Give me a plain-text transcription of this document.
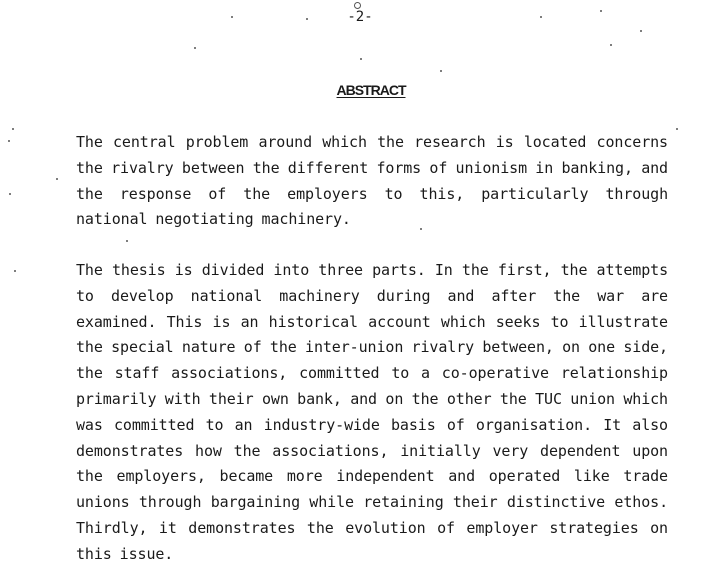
-2-
ABSTRACT

The central problem around which the research is located concerns the rivalry between the different forms of unionism in banking, and the response of the employers to this, particularly through national negotiating machinery.

The thesis is divided into three parts. In the first, the attempts to develop national machinery during and after the war are examined. This is an historical account which seeks to illustrate the special nature of the inter-union rivalry between, on one side, the staff associations, committed to a co-operative relationship primarily with their own bank, and on the other the TUC union which was committed to an industry-wide basis of organisation. It also demonstrates how the associations, initially very dependent upon the employers, became more independent and operated like trade unions through bargaining while retaining their distinctive ethos. Thirdly, it demonstrates the evolution of employer strategies on this issue.
